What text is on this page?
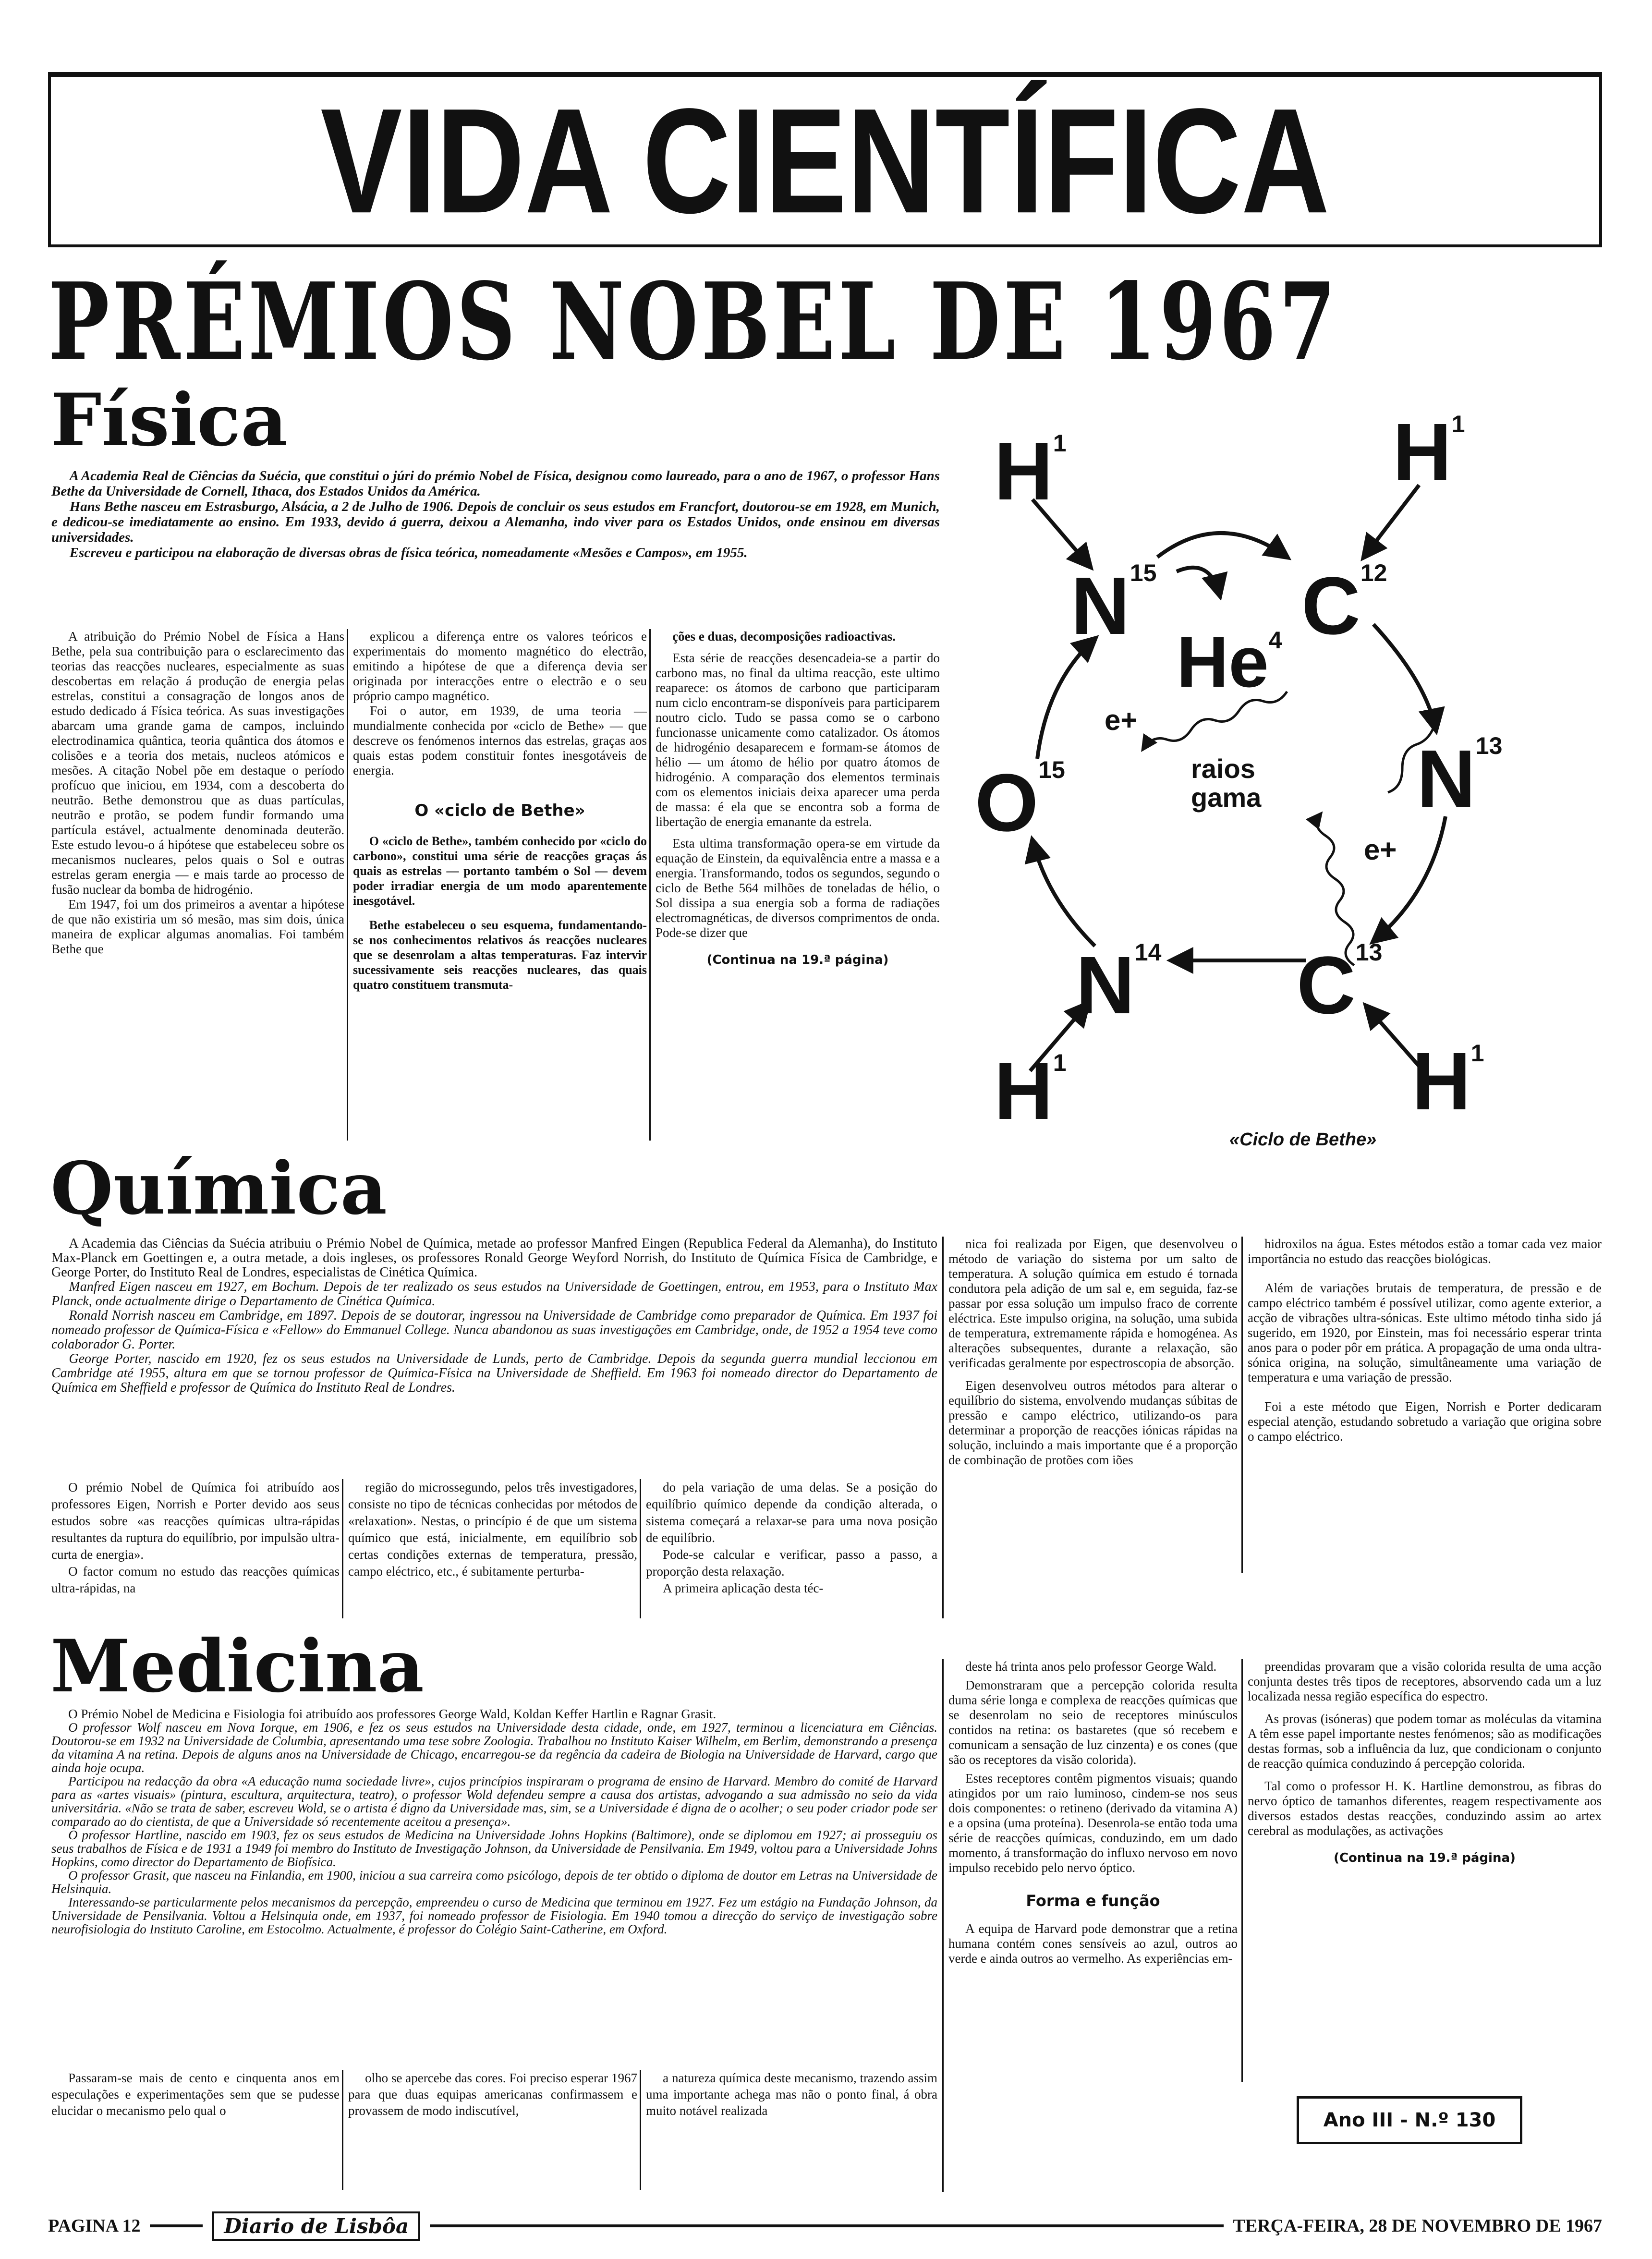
VIDA CIENTÍFICA
PRÉMIOS NOBEL DE 1967
Física

A Academia Real de Ciências da Suécia, que constitui o júri do prémio Nobel de Física, designou como laureado, para o ano de 1967, o professor Hans Bethe da Universidade de Cornell, Ithaca, dos Estados Unidos da América.

Hans Bethe nasceu em Estrasburgo, Alsácia, a 2 de Julho de 1906. Depois de concluir os seus estudos em Francfort, doutorou-se em 1928, em Munich, e dedicou-se imediatamente ao ensino. Em 1933, devido á guerra, deixou a Alemanha, indo viver para os Estados Unidos, onde ensinou em diversas universidades.

Escreveu e participou na elaboração de diversas obras de física teórica, nomeadamente «Mesões e Campos», em 1955.

A atribuição do Prémio Nobel de Física a Hans Bethe, pela sua contribuição para o esclarecimento das teorias das reacções nucleares, especialmente as suas descobertas em relação á produção de energia pelas estrelas, constitui a consagração de longos anos de estudo dedicado á Física teórica. As suas investigações abarcam uma grande gama de campos, incluindo electrodinamica quântica, teoria quântica dos átomos e colisões e a teoria dos metais, nucleos atómicos e mesões. A citação Nobel põe em destaque o período profícuo que iniciou, em 1934, com a descoberta do neutrão. Bethe demonstrou que as duas partículas, neutrão e protão, se podem fundir formando uma partícula estável, actualmente denominada deuterão. Este estudo levou-o á hipótese que estabeleceu sobre os mecanismos nucleares, pelos quais o Sol e outras estrelas geram energia — e mais tarde ao processo de fusão nuclear da bomba de hidrogénio.

Em 1947, foi um dos primeiros a aventar a hipótese de que não existiria um só mesão, mas sim dois, única maneira de explicar algumas anomalias. Foi também Bethe que

explicou a diferença entre os valores teóricos e experimentais do momento magnético do electrão, emitindo a hipótese de que a diferença devia ser originada por interacções entre o electrão e o seu próprio campo magnético.

Foi o autor, em 1939, de uma teoria — mundialmente conhecida por «ciclo de Bethe» — que descreve os fenómenos internos das estrelas, graças aos quais estas podem constituir fontes inesgotáveis de energia.

O «ciclo de Bethe»

O «ciclo de Bethe», também conhecido por «ciclo do carbono», constitui uma série de reacções graças ás quais as estrelas — portanto também o Sol — devem poder irradiar energia de um modo aparentemente inesgotável.

Bethe estabeleceu o seu esquema, fundamentando-se nos conhecimentos relativos ás reacções nucleares que se desenrolam a altas temperaturas. Faz intervir sucessivamente seis reacções nucleares, das quais quatro constituem transmuta-

ções e duas, decomposições radioactivas.

Esta série de reacções desencadeia-se a partir do carbono mas, no final da ultima reacção, este ultimo reaparece: os átomos de carbono que participaram num ciclo encontram-se disponíveis para participarem noutro ciclo. Tudo se passa como se o carbono funcionasse unicamente como catalizador. Os átomos de hidrogénio desaparecem e formam-se átomos de hélio — um átomo de hélio por quatro átomos de hidrogénio. A comparação dos elementos terminais com os elementos iniciais deixa aparecer uma perda de massa: é ela que se encontra sob a forma de libertação de energia emanante da estrela.

Esta ultima transformação opera-se em virtude da equação de Einstein, da equivalência entre a massa e a energia. Transformando, todos os segundos, segundo o ciclo de Bethe 564 milhões de toneladas de hélio, o Sol dissipa a sua energia sob a forma de radiações electromagnéticas, de diversos comprimentos de onda. Pode-se dizer que

(Continua na 19.ª página)
$H^1$	$H^1$
$N^{15}$ $C^{12}$
He$^4$
e+
$O^{15}$	raios
gama $N^{13}$
e+
$N^{14}$ $C^{13}$
$H^1$	$H^1$
«Ciclo de Bethe»
Química

A Academia das Ciências da Suécia atribuiu o Prémio Nobel de Química, metade ao professor Manfred Eingen (Republica Federal da Alemanha), do Instituto Max-Planck em Goettingen e, a outra metade, a dois ingleses, os professores Ronald George Weyford Norrish, do Instituto de Química Física de Cambridge, e George Porter, do Instituto Real de Londres, especialistas de Cinética Química.

Manfred Eigen nasceu em 1927, em Bochum. Depois de ter realizado os seus estudos na Universidade de Goettingen, entrou, em 1953, para o Instituto Max Planck, onde actualmente dirige o Departamento de Cinética Química.

Ronald Norrish nasceu em Cambridge, em 1897. Depois de se doutorar, ingressou na Universidade de Cambridge como preparador de Química. Em 1937 foi nomeado professor de Química-Física e «Fellow» do Emmanuel College. Nunca abandonou as suas investigações em Cambridge, onde, de 1952 a 1954 teve como colaborador G. Porter.

George Porter, nascido em 1920, fez os seus estudos na Universidade de Lunds, perto de Cambridge. Depois da segunda guerra mundial leccionou em Cambridge até 1955, altura em que se tornou professor de Química-Física na Universidade de Sheffield. Em 1963 foi nomeado director do Departamento de Química em Sheffield e professor de Química do Instituto Real de Londres.

O prémio Nobel de Química foi atribuído aos professores Eigen, Norrish e Porter devido aos seus estudos sobre «as reacções químicas ultra-rápidas resultantes da ruptura do equilíbrio, por impulsão ultra-curta de energia».

O factor comum no estudo das reacções químicas ultra-rápidas, na

região do microssegundo, pelos três investigadores, consiste no tipo de técnicas conhecidas por métodos de «relaxation». Nestas, o princípio é de que um sistema químico que está, inicialmente, em equilíbrio sob certas condições externas de temperatura, pressão, campo eléctrico, etc., é subitamente perturba-

do pela variação de uma delas. Se a posição do equilíbrio químico depende da condição alterada, o sistema começará a relaxar-se para uma nova posição de equilíbrio.

Pode-se calcular e verificar, passo a passo, a proporção desta relaxação.

A primeira aplicação desta téc-

nica foi realizada por Eigen, que desenvolveu o método de variação do sistema por um salto de temperatura. A solução química em estudo é tornada condutora pela adição de um sal e, em seguida, faz-se passar por essa solução um impulso fraco de corrente eléctrica. Este impulso origina, na solução, uma subida de temperatura, extremamente rápida e homogénea. As alterações subsequentes, durante a relaxação, são verificadas geralmente por espectroscopia de absorção.

Eigen desenvolveu outros métodos para alterar o equilíbrio do sistema, envolvendo mudanças súbitas de pressão e campo eléctrico, utilizando-os para determinar a proporção de reacções iónicas rápidas na solução, incluindo a mais importante que é a proporção de combinação de protões com iões

hidroxilos na água. Estes métodos estão a tomar cada vez maior importância no estudo das reacções biológicas.

Além de variações brutais de temperatura, de pressão e de campo eléctrico também é possível utilizar, como agente exterior, a acção de vibrações ultra-sónicas. Este ultimo método tinha sido já sugerido, em 1920, por Einstein, mas foi necessário esperar trinta anos para o poder pôr em prática. A propagação de uma onda ultra-sónica origina, na solução, simultâneamente uma variação de temperatura e uma variação de pressão.

Foi a este método que Eigen, Norrish e Porter dedicaram especial atenção, estudando sobretudo a variação que origina sobre o campo eléctrico.

Medicina

O Prémio Nobel de Medicina e Fisiologia foi atribuído aos professores George Wald, Koldan Keffer Hartlin e Ragnar Grasit.

O professor Wolf nasceu em Nova Iorque, em 1906, e fez os seus estudos na Universidade desta cidade, onde, em 1927, terminou a licenciatura em Ciências. Doutorou-se em 1932 na Universidade de Columbia, apresentando uma tese sobre Zoologia. Trabalhou no Instituto Kaiser Wilhelm, em Berlim, demonstrando a presença da vitamina A na retina. Depois de alguns anos na Universidade de Chicago, encarregou-se da regência da cadeira de Biologia na Universidade de Harvard, cargo que ainda hoje ocupa.

Participou na redacção da obra «A educação numa sociedade livre», cujos princípios inspiraram o programa de ensino de Harvard. Membro do comité de Harvard para as «artes visuais» (pintura, escultura, arquitectura, teatro), o professor Wold defendeu sempre a causa dos artistas, advogando a sua admissão no seio da vida universitária. «Não se trata de saber, escreveu Wold, se o artista é digno da Universidade mas, sim, se a Universidade é digna de o acolher; o seu poder criador pode ser comparado ao do cientista, de que a Universidade só recentemente aceitou a presença».

O professor Hartline, nascido em 1903, fez os seus estudos de Medicina na Universidade Johns Hopkins (Baltimore), onde se diplomou em 1927; ai prosseguiu os seus trabalhos de Física e de 1931 a 1949 foi membro do Instituto de Investigação Johnson, da Universidade de Pensilvania. Em 1949, voltou para a Universidade Johns Hopkins, como director do Departamento de Biofísica.

O professor Grasit, que nasceu na Finlandia, em 1900, iniciou a sua carreira como psicólogo, depois de ter obtido o diploma de doutor em Letras na Universidade de Helsinquia.

Interessando-se particularmente pelos mecanismos da percepção, empreendeu o curso de Medicina que terminou em 1927. Fez um estágio na Fundação Johnson, da Universidade de Pensilvania. Voltou a Helsinquia onde, em 1937, foi nomeado professor de Fisiologia. Em 1940 tomou a direcção do serviço de investigação sobre neurofisiologia do Instituto Caroline, em Estocolmo. Actualmente, é professor do Colégio Saint-Catherine, em Oxford.

Passaram-se mais de cento e cinquenta anos em especulações e experimentações sem que se pudesse elucidar o mecanismo pelo qual o

olho se apercebe das cores. Foi preciso esperar 1967 para que duas equipas americanas confirmassem e provassem de modo indiscutível,

a natureza química deste mecanismo, trazendo assim uma importante achega mas não o ponto final, á obra muito notável realizada

deste há trinta anos pelo professor George Wald.

Demonstraram que a percepção colorida resulta duma série longa e complexa de reacções químicas que se desenrolam no seio de receptores minúsculos contidos na retina: os bastaretes (que só recebem e comunicam a sensação de luz cinzenta) e os cones (que são os receptores da visão colorida).

Estes receptores contêm pigmentos visuais; quando atingidos por um raio luminoso, cindem-se nos seus dois componentes: o retineno (derivado da vitamina A) e a opsina (uma proteína). Desenrola-se então toda uma série de reacções químicas, conduzindo, em um dado momento, á transformação do influxo nervoso em novo impulso recebido pelo nervo óptico.

Forma e função

A equipa de Harvard pode demonstrar que a retina humana contém cones sensíveis ao azul, outros ao verde e ainda outros ao vermelho. As experiências em-

preendidas provaram que a visão colorida resulta de uma acção conjunta destes três tipos de receptores, absorvendo cada um a luz localizada nessa região específica do espectro.

As provas (isóneras) que podem tomar as moléculas da vitamina A têm esse papel importante nestes fenómenos; são as modificações destas formas, sob a influência da luz, que condicionam o conjunto de reacção química conduzindo á percepção colorida.

Tal como o professor H. K. Hartline demonstrou, as fibras do nervo óptico de tamanhos diferentes, reagem respectivamente aos diversos estados destas reacções, conduzindo assim ao artex cerebral as modulações, as activações

(Continua na 19.ª página)
Ano III - N.º 130
PAGINA 12	Diario de Lisbôa	TERÇA-FEIRA, 28 DE NOVEMBRO DE 1967
